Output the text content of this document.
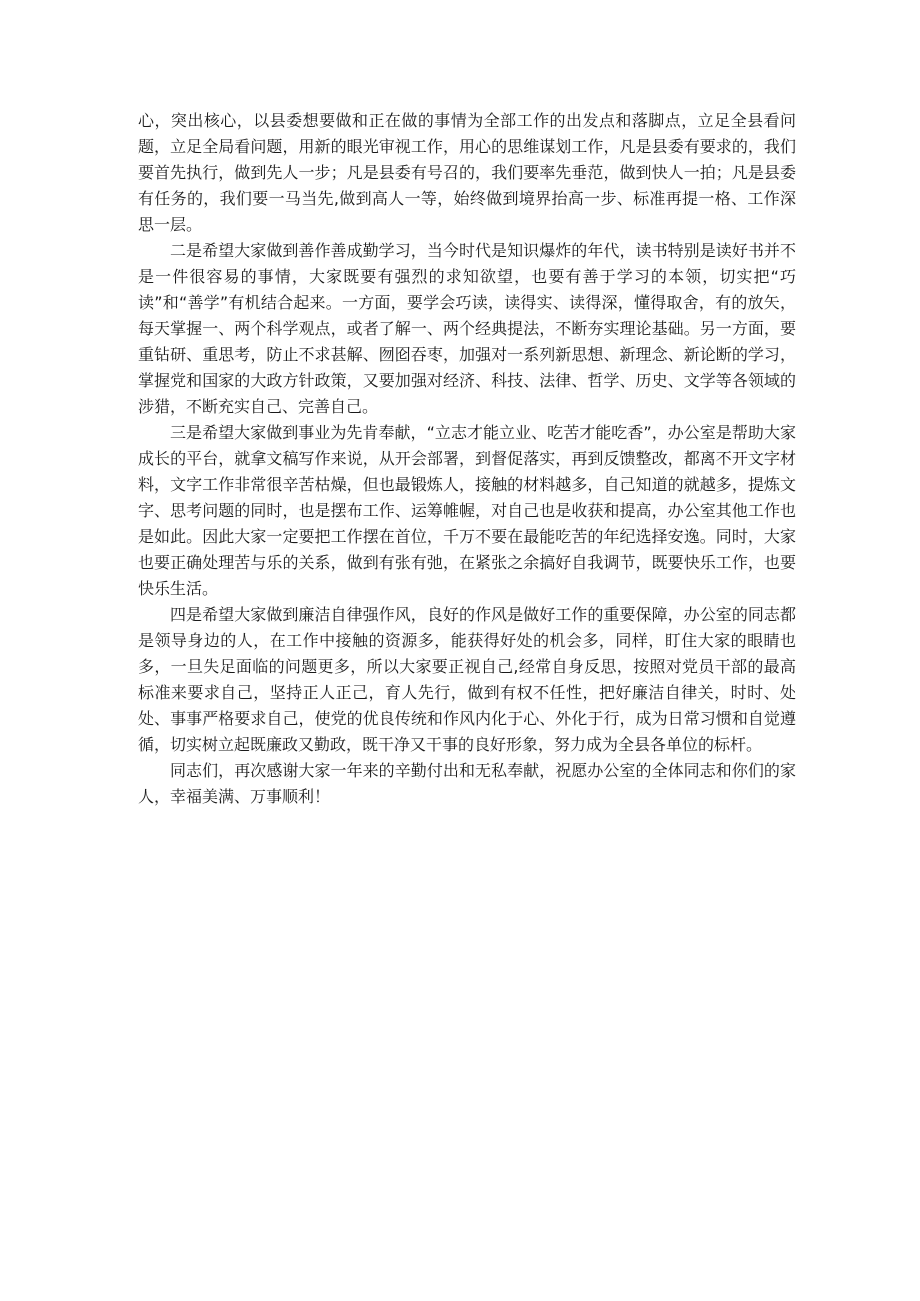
心，突出核心，以县委想要做和正在做的事情为全部工作的出发点和落脚点，立足全县看问题，立足全局看问题，用新的眼光审视工作，用心的思维谋划工作，凡是县委有要求的，我们要首先执行，做到先人一步；凡是县委有号召的，我们要率先垂范，做到快人一拍；凡是县委有任务的，我们要一马当先,做到高人一等，始终做到境界抬高一步、标准再提一格、工作深思一层。

二是希望大家做到善作善成勤学习，当今时代是知识爆炸的年代，读书特别是读好书并不是一件很容易的事情，大家既要有强烈的求知欲望，也要有善于学习的本领，切实把“巧读”和“善学”有机结合起来。一方面，要学会巧读，读得实、读得深，懂得取舍，有的放矢，每天掌握一、两个科学观点，或者了解一、两个经典提法，不断夯实理论基础。另一方面，要重钻研、重思考，防止不求甚解、囫囵吞枣，加强对一系列新思想、新理念、新论断的学习，掌握党和国家的大政方针政策，又要加强对经济、科技、法律、哲学、历史、文学等各领域的涉猎，不断充实自己、完善自己。

三是希望大家做到事业为先肯奉献，“立志才能立业、吃苦才能吃香”，办公室是帮助大家成长的平台，就拿文稿写作来说，从开会部署，到督促落实，再到反馈整改，都离不开文字材料，文字工作非常很辛苦枯燥，但也最锻炼人，接触的材料越多，自己知道的就越多，提炼文字、思考问题的同时，也是摆布工作、运筹帷幄，对自己也是收获和提高，办公室其他工作也是如此。因此大家一定要把工作摆在首位，千万不要在最能吃苦的年纪选择安逸。同时，大家也要正确处理苦与乐的关系，做到有张有弛，在紧张之余搞好自我调节，既要快乐工作，也要快乐生活。

四是希望大家做到廉洁自律强作风，良好的作风是做好工作的重要保障，办公室的同志都是领导身边的人，在工作中接触的资源多，能获得好处的机会多，同样，盯住大家的眼睛也多，一旦失足面临的问题更多，所以大家要正视自己,经常自身反思，按照对党员干部的最高标准来要求自己，坚持正人正己，育人先行，做到有权不任性，把好廉洁自律关，时时、处处、事事严格要求自己，使党的优良传统和作风内化于心、外化于行，成为日常习惯和自觉遵循，切实树立起既廉政又勤政，既干净又干事的良好形象，努力成为全县各单位的标杆。

同志们，再次感谢大家一年来的辛勤付出和无私奉献，祝愿办公室的全体同志和你们的家人，幸福美满、万事顺利！
